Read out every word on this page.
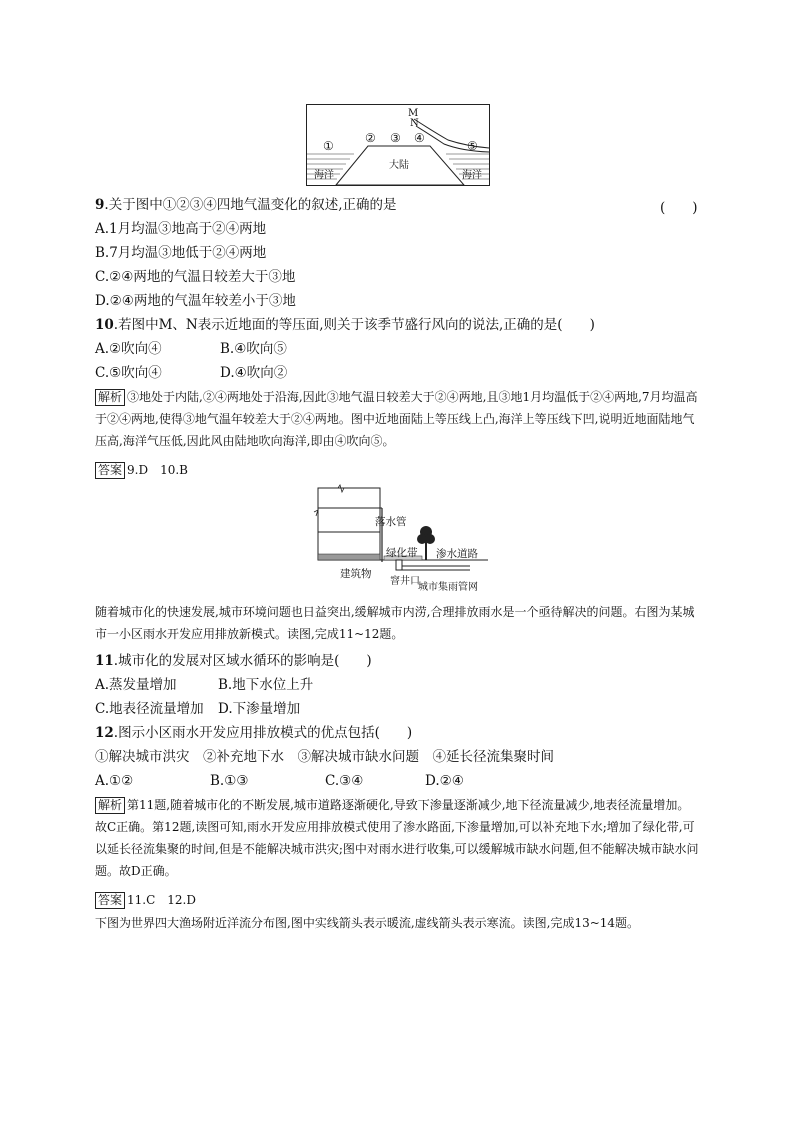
M
N
①
② ③ ④
⑤
大陆
海洋	海洋
9.关于图中①②③④四地气温变化的叙述,正确的是	(　　)
A.1月均温③地高于②④两地
B.7月均温③地低于②④两地
C.②④两地的气温日较差大于③地
D.②④两地的气温年较差小于③地
10.若图中M、N表示近地面的等压面,则关于该季节盛行风向的说法,正确的是(　　)
A.②吹向④	B.④吹向⑤
C.⑤吹向④	D.④吹向②
解析 ③地处于内陆,②④两地处于沿海,因此③地气温日较差大于②④两地,且③地1月均温低于②④两地,7月均温高于②④两地,使得③地气温年较差大于②④两地。图中近地面陆上等压线上凸,海洋上等压线下凹,说明近地面陆地气压高,海洋气压低,因此风由陆地吹向海洋,即由④吹向⑤。
答案 9.D　10.B
落水管
绿化带 渗水道路
建筑物
窨井口
城市集雨管网
随着城市化的快速发展,城市环境问题也日益突出,缓解城市内涝,合理排放雨水是一个亟待解决的问题。右图为某城市一小区雨水开发应用排放新模式。读图,完成11~12题。
11.城市化的发展对区域水循环的影响是(　　)
A.蒸发量增加	B.地下水位上升
C.地表径流量增加 D.下渗量增加
12.图示小区雨水开发应用排放模式的优点包括(　　)
①解决城市洪灾　②补充地下水　③解决城市缺水问题　④延长径流集聚时间
A.①②	B.①③	C.③④	D.②④
解析 第11题,随着城市化的不断发展,城市道路逐渐硬化,导致下渗量逐渐减少,地下径流量减少,地表径流量增加。故C正确。第12题,读图可知,雨水开发应用排放模式使用了渗水路面,下渗量增加,可以补充地下水;增加了绿化带,可以延长径流集聚的时间,但是不能解决城市洪灾;图中对雨水进行收集,可以缓解城市缺水问题,但不能解决城市缺水问题。故D正确。
答案 11.C　12.D
下图为世界四大渔场附近洋流分布图,图中实线箭头表示暖流,虚线箭头表示寒流。读图,完成13~14题。
